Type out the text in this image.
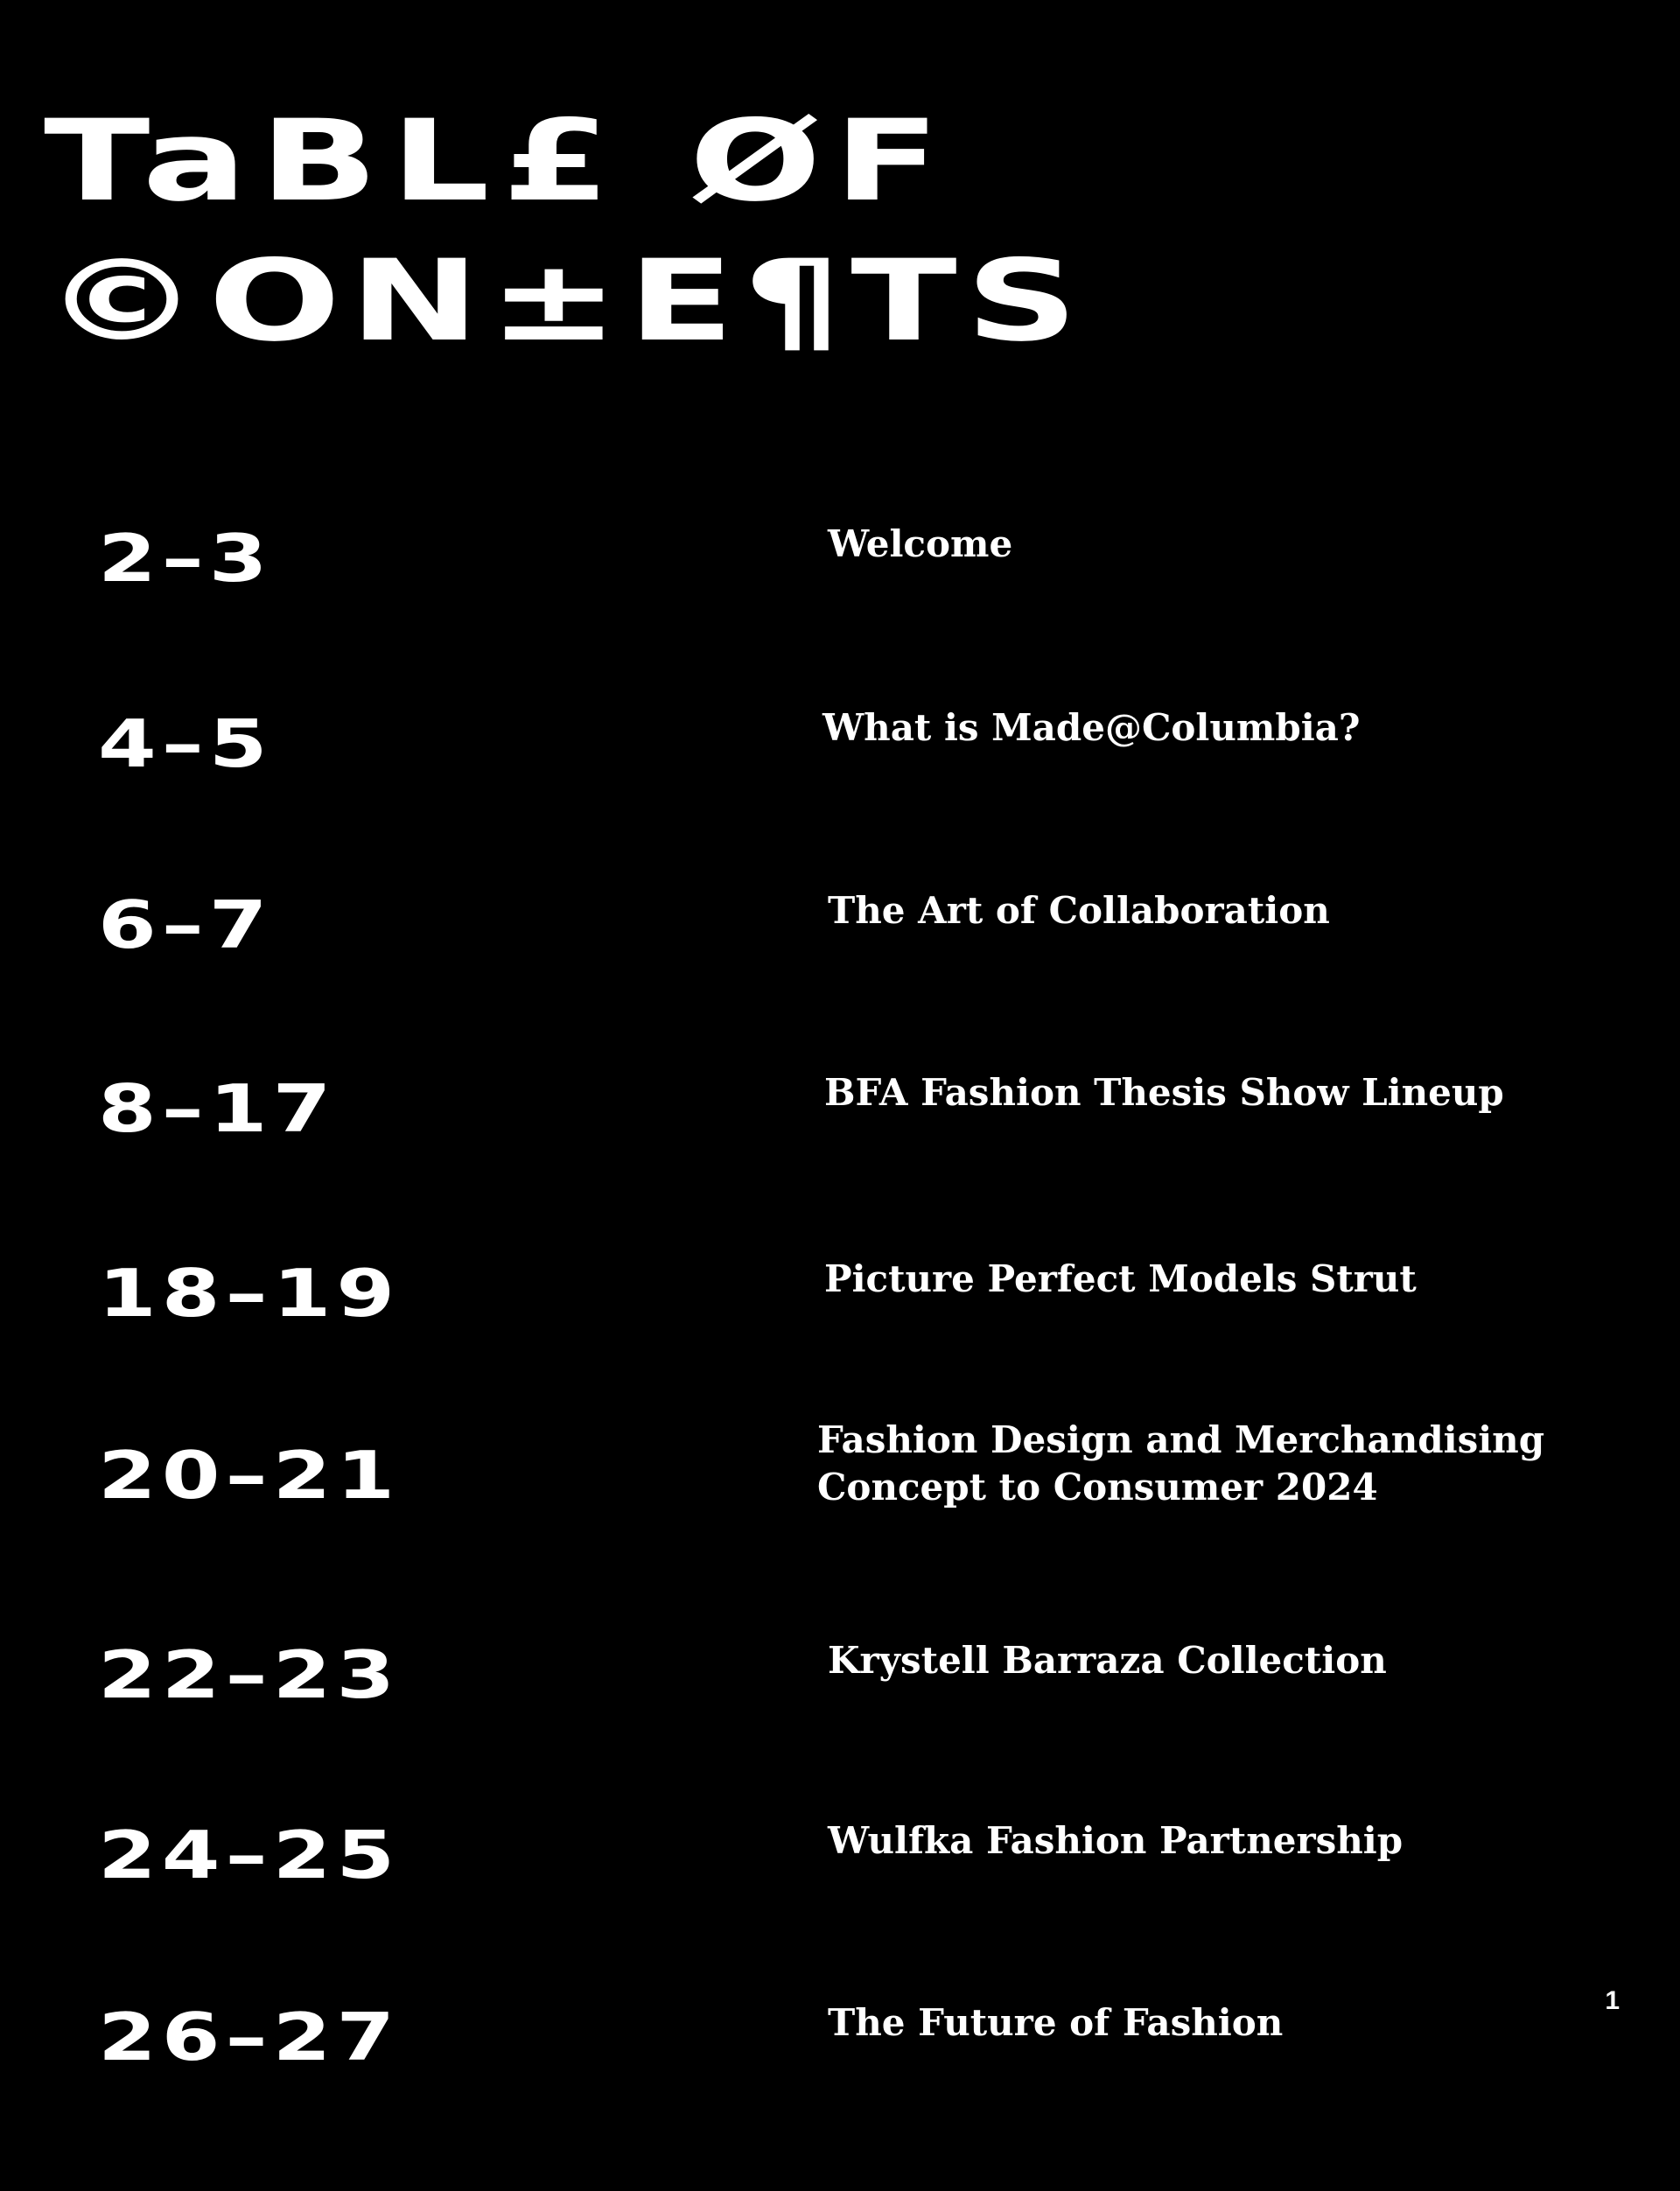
TaBL£ ØF
©ON±E¶TS
2–3	Welcome
4–5	What is Made@Columbia?
6–7	The Art of Collaboration
8–17	BFA Fashion Thesis Show Lineup
18–19	Picture Perfect Models Strut
20–21	Fashion Design and Merchandising
Concept to Consumer 2024
22–23	Krystell Barraza Collection
24–25	Wulfka Fashion Partnership
26–27	The Future of Fashion
1
